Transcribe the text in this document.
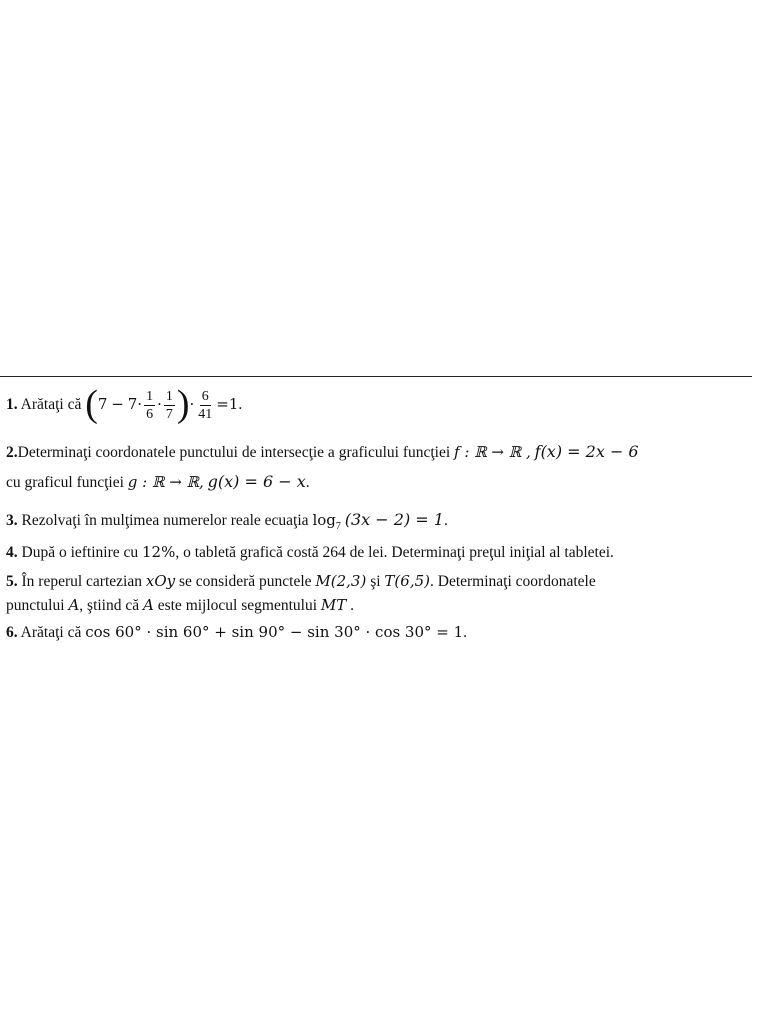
1. Arătaţi că ($7 - 7\cdot \frac{1}{6} \cdot \frac{1}{7}$ )· $\frac{6}{41} =1$.
2.Determinaţi coordonatele punctului de intersecţie a graficului funcţiei f : ℝ → ℝ , f(x) = 2x − 6
cu graficul funcţiei g : ℝ → ℝ, g(x) = 6 − x.
3. Rezolvaţi în mulţimea numerelor reale ecuaţia $\log_7 (3x - 2) = 1$.
4. După o ieftinire cu 12%, o tabletă grafică costă 264 de lei. Determinaţi preţul iniţial al tabletei.
5. În reperul cartezian xOy se consideră punctele M(2,3) şi T(6,5). Determinaţi coordonatele
punctului A, ştiind că A este mijlocul segmentului MT .
6. Arătaţi că cos 60° · sin 60° + sin 90° − sin 30° · cos 30° = 1.
